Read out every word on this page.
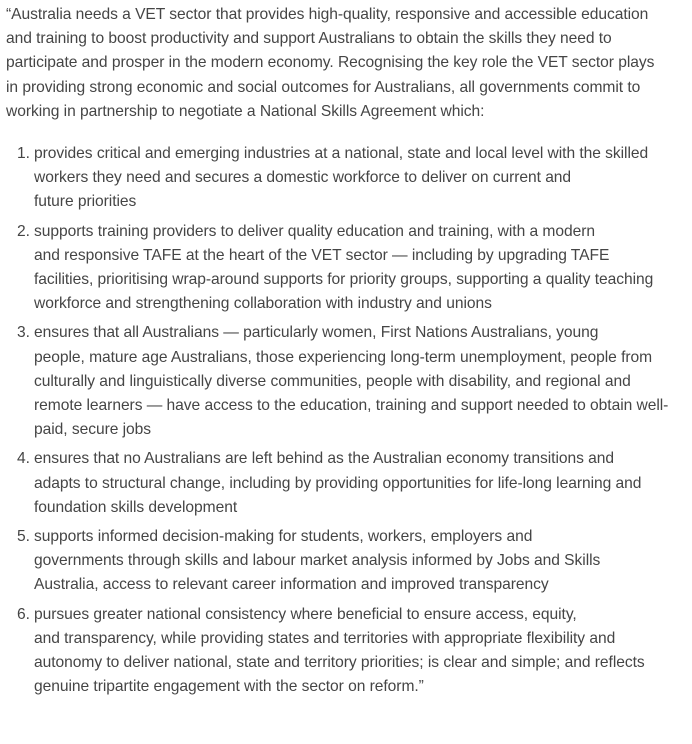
“Australia needs a VET sector that provides high-quality, responsive and accessible education
and training to boost productivity and support Australians to obtain the skills they need to
participate and prosper in the modern economy. Recognising the key role the VET sector plays
in providing strong economic and social outcomes for Australians, all governments commit to
working in partnership to negotiate a National Skills Agreement which:

1. provides critical and emerging industries at a national, state and local level with the skilled
workers they need and secures a domestic workforce to deliver on current and
future priorities
2. supports training providers to deliver quality education and training, with a modern
and responsive TAFE at the heart of the VET sector — including by upgrading TAFE
facilities, prioritising wrap-around supports for priority groups, supporting a quality teaching
workforce and strengthening collaboration with industry and unions
3. ensures that all Australians — particularly women, First Nations Australians, young
people, mature age Australians, those experiencing long-term unemployment, people from
culturally and linguistically diverse communities, people with disability, and regional and
remote learners — have access to the education, training and support needed to obtain well-
paid, secure jobs
4. ensures that no Australians are left behind as the Australian economy transitions and
adapts to structural change, including by providing opportunities for life-long learning and
foundation skills development
5. supports informed decision-making for students, workers, employers and
governments through skills and labour market analysis informed by Jobs and Skills
Australia, access to relevant career information and improved transparency
6. pursues greater national consistency where beneficial to ensure access, equity,
and transparency, while providing states and territories with appropriate flexibility and
autonomy to deliver national, state and territory priorities; is clear and simple; and reflects
genuine tripartite engagement with the sector on reform.”
